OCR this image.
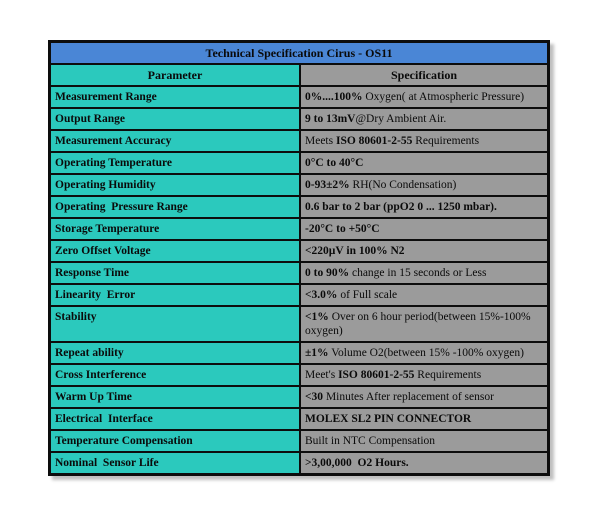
Technical Specification Cirus - OS11
Parameter	Specification
Measurement Range	0%....100% Oxygen( at Atmospheric Pressure)
Output Range	9 to 13mV@Dry Ambient Air.
Measurement Accuracy	Meets ISO 80601-2-55 Requirements
Operating Temperature	0°C to 40°C
Operating Humidity	0-93±2% RH(No Condensation)
Operating  Pressure Range	0.6 bar to 2 bar (ppO2 0 ... 1250 mbar).
Storage Temperature	-20°C to +50°C
Zero Offset Voltage	<220µV in 100% N2
Response Time	0 to 90% change in 15 seconds or Less
Linearity  Error	<3.0% of Full scale
Stability	<1% Over on 6 hour period(between 15%-100% oxygen)
Repeat ability	±1% Volume O2(between 15% -100% oxygen)
Cross Interference	Meet's ISO 80601-2-55 Requirements
Warm Up Time	<30 Minutes After replacement of sensor
Electrical  Interface	MOLEX SL2 PIN CONNECTOR
Temperature Compensation	Built in NTC Compensation
Nominal  Sensor Life	>3,00,000  O2 Hours.
